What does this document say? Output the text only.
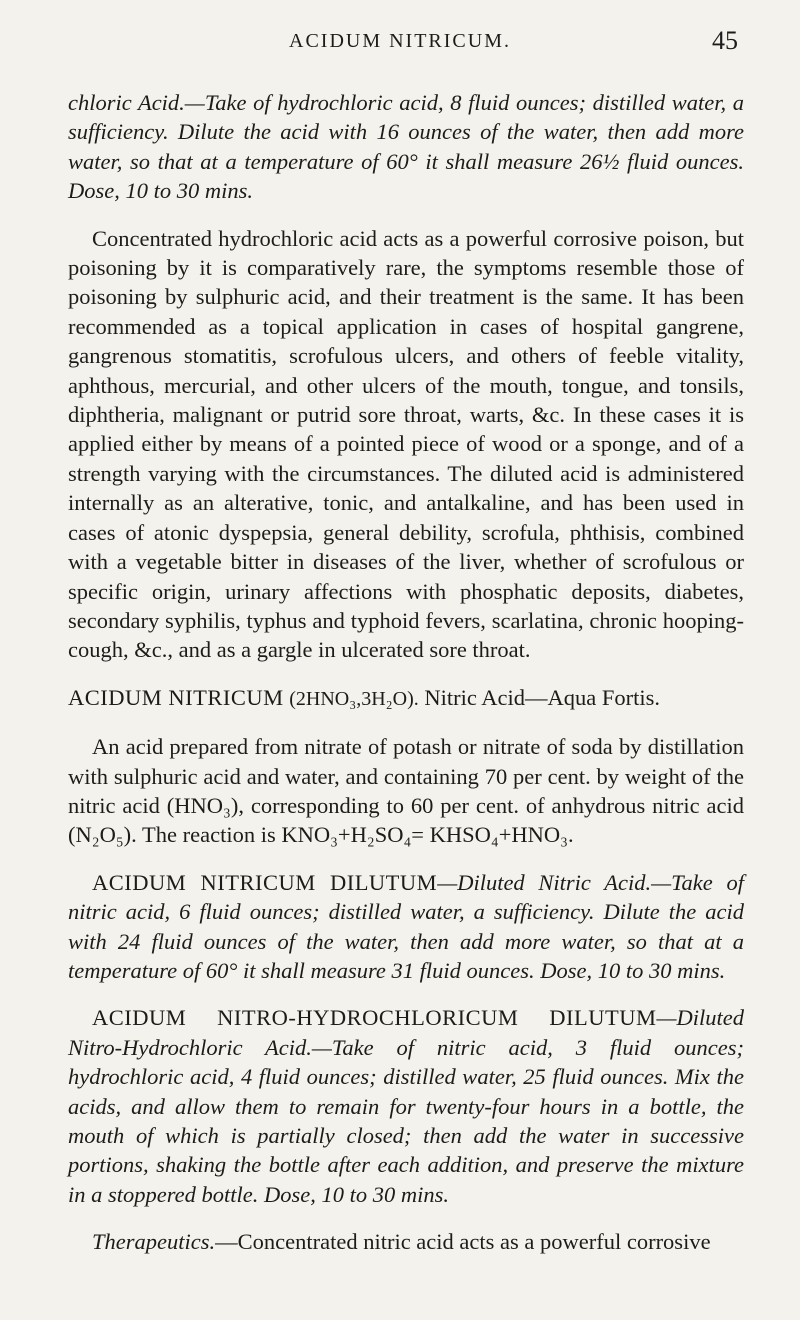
ACIDUM NITRICUM.	45

chloric Acid.—Take of hydrochloric acid, 8 fluid ounces; distilled water, a sufficiency. Dilute the acid with 16 ounces of the water, then add more water, so that at a temperature of 60° it shall measure 26½ fluid ounces. Dose, 10 to 30 mins.

Concentrated hydrochloric acid acts as a powerful corrosive poison, but poisoning by it is comparatively rare, the symptoms resemble those of poisoning by sulphuric acid, and their treatment is the same. It has been recommended as a topical application in cases of hospital gangrene, gangrenous stomatitis, scrofulous ulcers, and others of feeble vitality, aphthous, mercurial, and other ulcers of the mouth, tongue, and tonsils, diphtheria, malignant or putrid sore throat, warts, &c. In these cases it is applied either by means of a pointed piece of wood or a sponge, and of a strength varying with the circumstances. The diluted acid is administered internally as an alterative, tonic, and antalkaline, and has been used in cases of atonic dyspepsia, general debility, scrofula, phthisis, combined with a vegetable bitter in diseases of the liver, whether of scrofulous or specific origin, urinary affections with phosphatic deposits, diabetes, secondary syphilis, typhus and typhoid fevers, scarlatina, chronic hooping-cough, &c., and as a gargle in ulcerated sore throat.

ACIDUM NITRICUM (2HNO₃,3H₂O). Nitric Acid—Aqua Fortis.

An acid prepared from nitrate of potash or nitrate of soda by distillation with sulphuric acid and water, and containing 70 per cent. by weight of the nitric acid (HNO₃), corresponding to 60 per cent. of anhydrous nitric acid (N₂O₅). The reaction is KNO₃+H₂SO₄= KHSO₄+HNO₃.

ACIDUM NITRICUM DILUTUM—Diluted Nitric Acid.—Take of nitric acid, 6 fluid ounces; distilled water, a sufficiency. Dilute the acid with 24 fluid ounces of the water, then add more water, so that at a temperature of 60° it shall measure 31 fluid ounces. Dose, 10 to 30 mins.

ACIDUM NITRO-HYDROCHLORICUM DILUTUM—Diluted Nitro-Hydrochloric Acid.—Take of nitric acid, 3 fluid ounces; hydrochloric acid, 4 fluid ounces; distilled water, 25 fluid ounces. Mix the acids, and allow them to remain for twenty-four hours in a bottle, the mouth of which is partially closed; then add the water in successive portions, shaking the bottle after each addition, and preserve the mixture in a stoppered bottle. Dose, 10 to 30 mins.

Therapeutics.—Concentrated nitric acid acts as a powerful corrosive
